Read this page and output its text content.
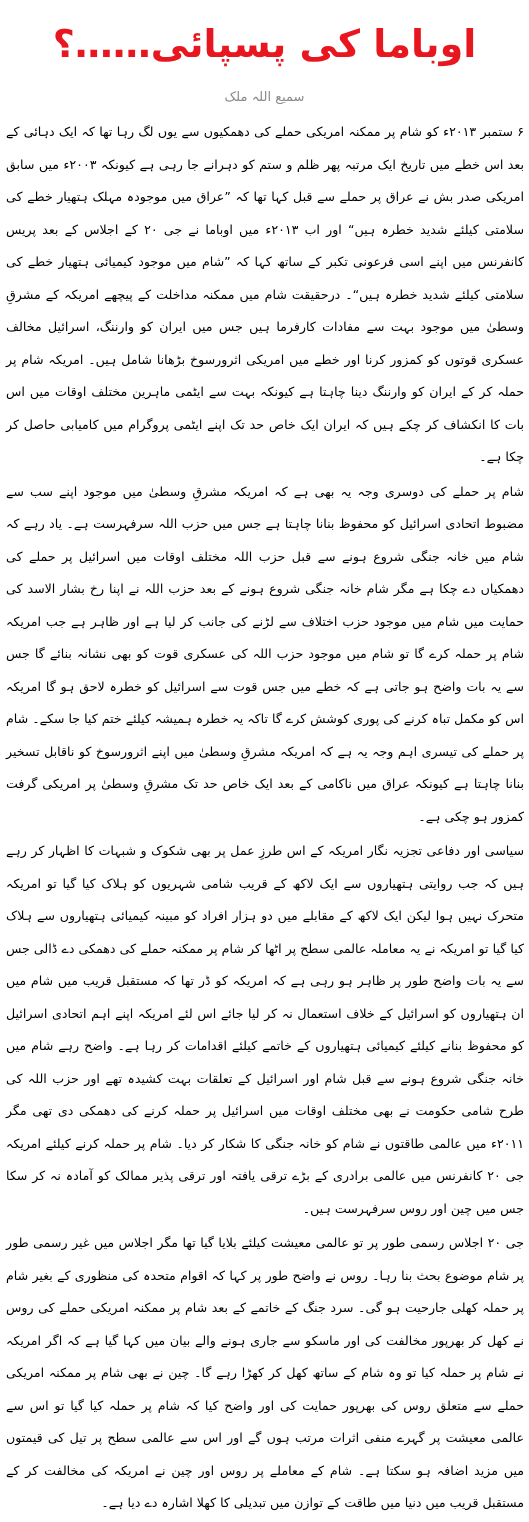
اوباما کی پسپائی……؟
سمیع اللہ ملک

۶ ستمبر ۲۰۱۳ء کو شام پر ممکنہ امریکی حملے کی دھمکیوں سے یوں لگ رہا تھا کہ ایک دہائی کے بعد اس خطے میں تاریخ ایک مرتبہ پھر ظلم و ستم کو دہرانے جا رہی ہے کیونکہ ۲۰۰۳ء میں سابق امریکی صدر بش نے عراق پر حملے سے قبل کہا تھا کہ ”عراق میں موجودہ مہلک ہتھیار خطے کی سلامتی کیلئے شدید خطرہ ہیں“ اور اب ۲۰۱۳ء میں اوباما نے جی ۲۰ کے اجلاس کے بعد پریس کانفرنس میں اپنے اسی فرعونی تکبر کے ساتھ کہا کہ ”شام میں موجود کیمیائی ہتھیار خطے کی سلامتی کیلئے شدید خطرہ ہیں“۔ درحقیقت شام میں ممکنہ مداخلت کے پیچھے امریکہ کے مشرقِ وسطیٰ میں موجود بہت سے مفادات کارفرما ہیں جس میں ایران کو وارننگ، اسرائیل مخالف عسکری قوتوں کو کمزور کرنا اور خطے میں امریکی اثرورسوخ بڑھانا شامل ہیں۔ امریکہ شام پر حملہ کر کے ایران کو وارننگ دینا چاہتا ہے کیونکہ بہت سے ایٹمی ماہرین مختلف اوقات میں اس بات کا انکشاف کر چکے ہیں کہ ایران ایک خاص حد تک اپنے ایٹمی پروگرام میں کامیابی حاصل کر چکا ہے۔

شام پر حملے کی دوسری وجہ یہ بھی ہے کہ امریکہ مشرقِ وسطیٰ میں موجود اپنے سب سے مضبوط اتحادی اسرائیل کو محفوظ بنانا چاہتا ہے جس میں حزب اللہ سرفہرست ہے۔ یاد رہے کہ شام میں خانہ جنگی شروع ہونے سے قبل حزب اللہ مختلف اوقات میں اسرائیل پر حملے کی دھمکیاں دے چکا ہے مگر شام خانہ جنگی شروع ہونے کے بعد حزب اللہ نے اپنا رخ بشار الاسد کی حمایت میں شام میں موجود حزب اختلاف سے لڑنے کی جانب کر لیا ہے اور ظاہر ہے جب امریکہ شام پر حملہ کرے گا تو شام میں موجود حزب اللہ کی عسکری قوت کو بھی نشانہ بنائے گا جس سے یہ بات واضح ہو جاتی ہے کہ خطے میں جس قوت سے اسرائیل کو خطرہ لاحق ہو گا امریکہ اس کو مکمل تباہ کرنے کی پوری کوشش کرے گا تاکہ یہ خطرہ ہمیشہ کیلئے ختم کیا جا سکے۔ شام پر حملے کی تیسری اہم وجہ یہ ہے کہ امریکہ مشرقِ وسطیٰ میں اپنے اثرورسوخ کو ناقابل تسخیر بنانا چاہتا ہے کیونکہ عراق میں ناکامی کے بعد ایک خاص حد تک مشرقِ وسطیٰ پر امریکی گرفت کمزور ہو چکی ہے۔

سیاسی اور دفاعی تجزیہ نگار امریکہ کے اس طرزِ عمل پر بھی شکوک و شبہات کا اظہار کر رہے ہیں کہ جب روایتی ہتھیاروں سے ایک لاکھ کے قریب شامی شہریوں کو ہلاک کیا گیا تو امریکہ متحرک نہیں ہوا لیکن ایک لاکھ کے مقابلے میں دو ہزار افراد کو مبینہ کیمیائی ہتھیاروں سے ہلاک کیا گیا تو امریکہ نے یہ معاملہ عالمی سطح پر اٹھا کر شام پر ممکنہ حملے کی دھمکی دے ڈالی جس سے یہ بات واضح طور پر ظاہر ہو رہی ہے کہ امریکہ کو ڈر تھا کہ مستقبل قریب میں شام میں ان ہتھیاروں کو اسرائیل کے خلاف استعمال نہ کر لیا جائے اس لئے امریکہ اپنے اہم اتحادی اسرائیل کو محفوظ بنانے کیلئے کیمیائی ہتھیاروں کے خاتمے کیلئے اقدامات کر رہا ہے۔ واضح رہے شام میں خانہ جنگی شروع ہونے سے قبل شام اور اسرائیل کے تعلقات بہت کشیدہ تھے اور حزب اللہ کی طرح شامی حکومت نے بھی مختلف اوقات میں اسرائیل پر حملہ کرنے کی دھمکی دی تھی مگر ۲۰۱۱ء میں عالمی طاقتوں نے شام کو خانہ جنگی کا شکار کر دیا۔ شام پر حملہ کرنے کیلئے امریکہ جی ۲۰ کانفرنس میں عالمی برادری کے بڑے ترقی یافتہ اور ترقی پذیر ممالک کو آمادہ نہ کر سکا جس میں چین اور روس سرفہرست ہیں۔

جی ۲۰ اجلاس رسمی طور پر تو عالمی معیشت کیلئے بلایا گیا تھا مگر اجلاس میں غیر رسمی طور پر شام موضوع بحث بنا رہا۔ روس نے واضح طور پر کہا کہ اقوام متحدہ کی منظوری کے بغیر شام پر حملہ کھلی جارحیت ہو گی۔ سرد جنگ کے خاتمے کے بعد شام پر ممکنہ امریکی حملے کی روس نے کھل کر بھرپور مخالفت کی اور ماسکو سے جاری ہونے والے بیان میں کہا گیا ہے کہ اگر امریکہ نے شام پر حملہ کیا تو وہ شام کے ساتھ کھل کر کھڑا رہے گا۔ چین نے بھی شام پر ممکنہ امریکی حملے سے متعلق روس کی بھرپور حمایت کی اور واضح کیا کہ شام پر حملہ کیا گیا تو اس سے عالمی معیشت پر گہرے منفی اثرات مرتب ہوں گے اور اس سے عالمی سطح پر تیل کی قیمتوں میں مزید اضافہ ہو سکتا ہے۔ شام کے معاملے پر روس اور چین نے امریکہ کی مخالفت کر کے مستقبل قریب میں دنیا میں طاقت کے توازن میں تبدیلی کا کھلا اشارہ دے دیا ہے۔
